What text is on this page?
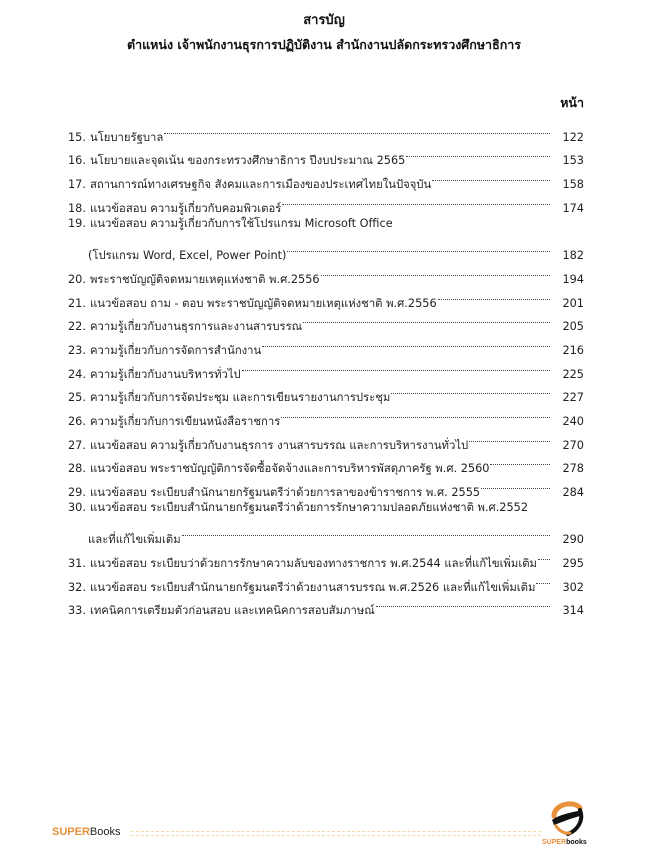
สารบัญ
ตำแหน่ง เจ้าพนักงานธุรการปฏิบัติงาน สำนักงานปลัดกระทรวงศึกษาธิการ
หน้า
15. นโยบายรัฐบาล	122
16. นโยบายและจุดเน้น ของกระทรวงศึกษาธิการ ปีงบประมาณ 2565	153
17. สถานการณ์ทางเศรษฐกิจ สังคมและการเมืองของประเทศไทยในปัจจุบัน	158
18. แนวข้อสอบ ความรู้เกี่ยวกับคอมพิวเตอร์	174
19. แนวข้อสอบ ความรู้เกี่ยวกับการใช้โปรแกรม Microsoft Office
(โปรแกรม Word, Excel, Power Point)	182
20. พระราชบัญญัติจดหมายเหตุแห่งชาติ พ.ศ.2556	194
21. แนวข้อสอบ ถาม - ตอบ พระราชบัญญัติจดหมายเหตุแห่งชาติ พ.ศ.2556	201
22. ความรู้เกี่ยวกับงานธุรการและงานสารบรรณ	205
23. ความรู้เกี่ยวกับการจัดการสำนักงาน	216
24. ความรู้เกี่ยวกับงานบริหารทั่วไป	225
25. ความรู้เกี่ยวกับการจัดประชุม และการเขียนรายงานการประชุม	227
26. ความรู้เกี่ยวกับการเขียนหนังสือราชการ	240
27. แนวข้อสอบ ความรู้เกี่ยวกับงานธุรการ งานสารบรรณ และการบริหารงานทั่วไป	270
28. แนวข้อสอบ พระราชบัญญัติการจัดซื้อจัดจ้างและการบริหารพัสดุภาครัฐ พ.ศ. 2560	278
29. แนวข้อสอบ ระเบียบสำนักนายกรัฐมนตรีว่าด้วยการลาของข้าราชการ พ.ศ. 2555	284
30. แนวข้อสอบ ระเบียบสำนักนายกรัฐมนตรีว่าด้วยการรักษาความปลอดภัยแห่งชาติ พ.ศ.2552
และที่แก้ไขเพิ่มเติม	290
31. แนวข้อสอบ ระเบียบว่าด้วยการรักษาความลับของทางราชการ พ.ศ.2544 และที่แก้ไขเพิ่มเติม 295
32. แนวข้อสอบ ระเบียบสำนักนายกรัฐมนตรีว่าด้วยงานสารบรรณ พ.ศ.2526 และที่แก้ไขเพิ่มเติม 302
33. เทคนิคการเตรียมตัวก่อนสอบ และเทคนิคการสอบสัมภาษณ์	314
SUPER Books
SUPERbooks
